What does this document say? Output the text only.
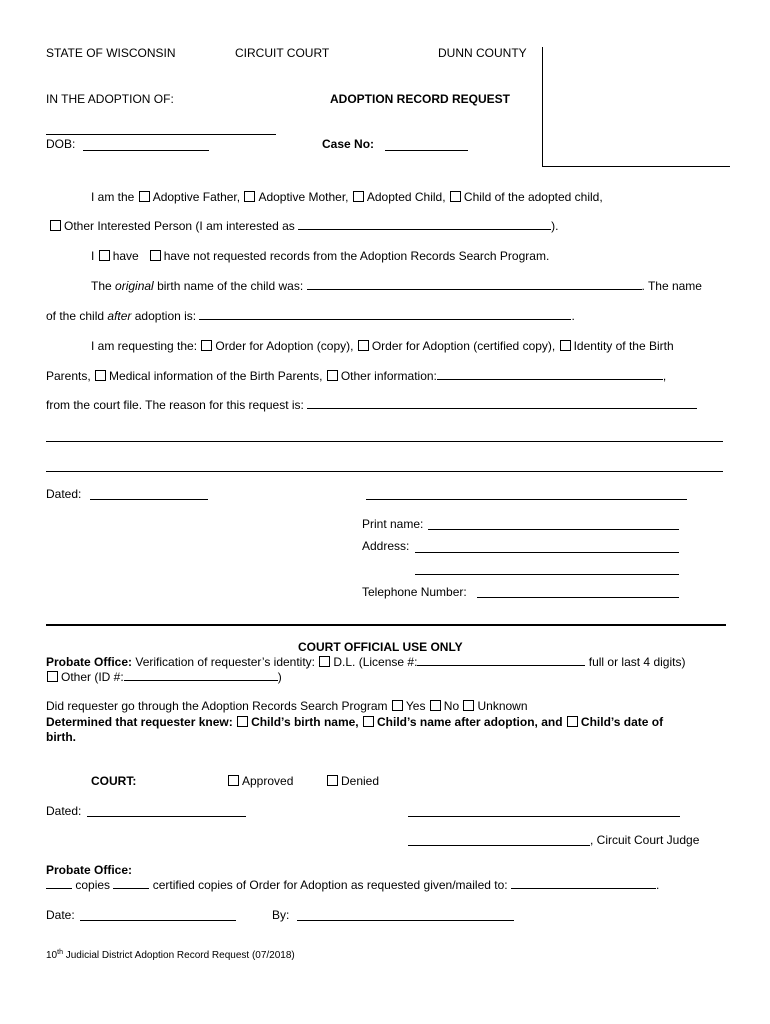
STATE OF WISCONSIN	CIRCUIT COURT	DUNN COUNTY
IN THE ADOPTION OF:	ADOPTION RECORD REQUEST
DOB:	Case No:
I am the Adoptive Father, Adoptive Mother, Adopted Child, Child of the adopted child,
Other Interested Person (I am interested as	).
I have have not requested records from the Adoption Records Search Program.
The original birth name of the child was:	. The name
of the child after adoption is:	.
I am requesting the: Order for Adoption (copy), Order for Adoption (certified copy), Identity of the Birth
Parents, Medical information of the Birth Parents, Other information:	,
from the court file. The reason for this request is:
Dated:
Print name:
Address:
Telephone Number:
COURT OFFICIAL USE ONLY
Probate Office: Verification of requester’s identity: D.L. (License #:	full or last 4 digits)
Other (ID #:	)
Did requester go through the Adoption Records Search Program Yes No Unknown
Determined that requester knew: Child’s birth name, Child’s name after adoption, and Child’s date of
birth.
COURT:	Approved	Denied
Dated:
, Circuit Court Judge
Probate Office:
copies	certified copies of Order for Adoption as requested given/mailed to:	.
Date:	By:
10th Judicial District Adoption Record Request (07/2018)
